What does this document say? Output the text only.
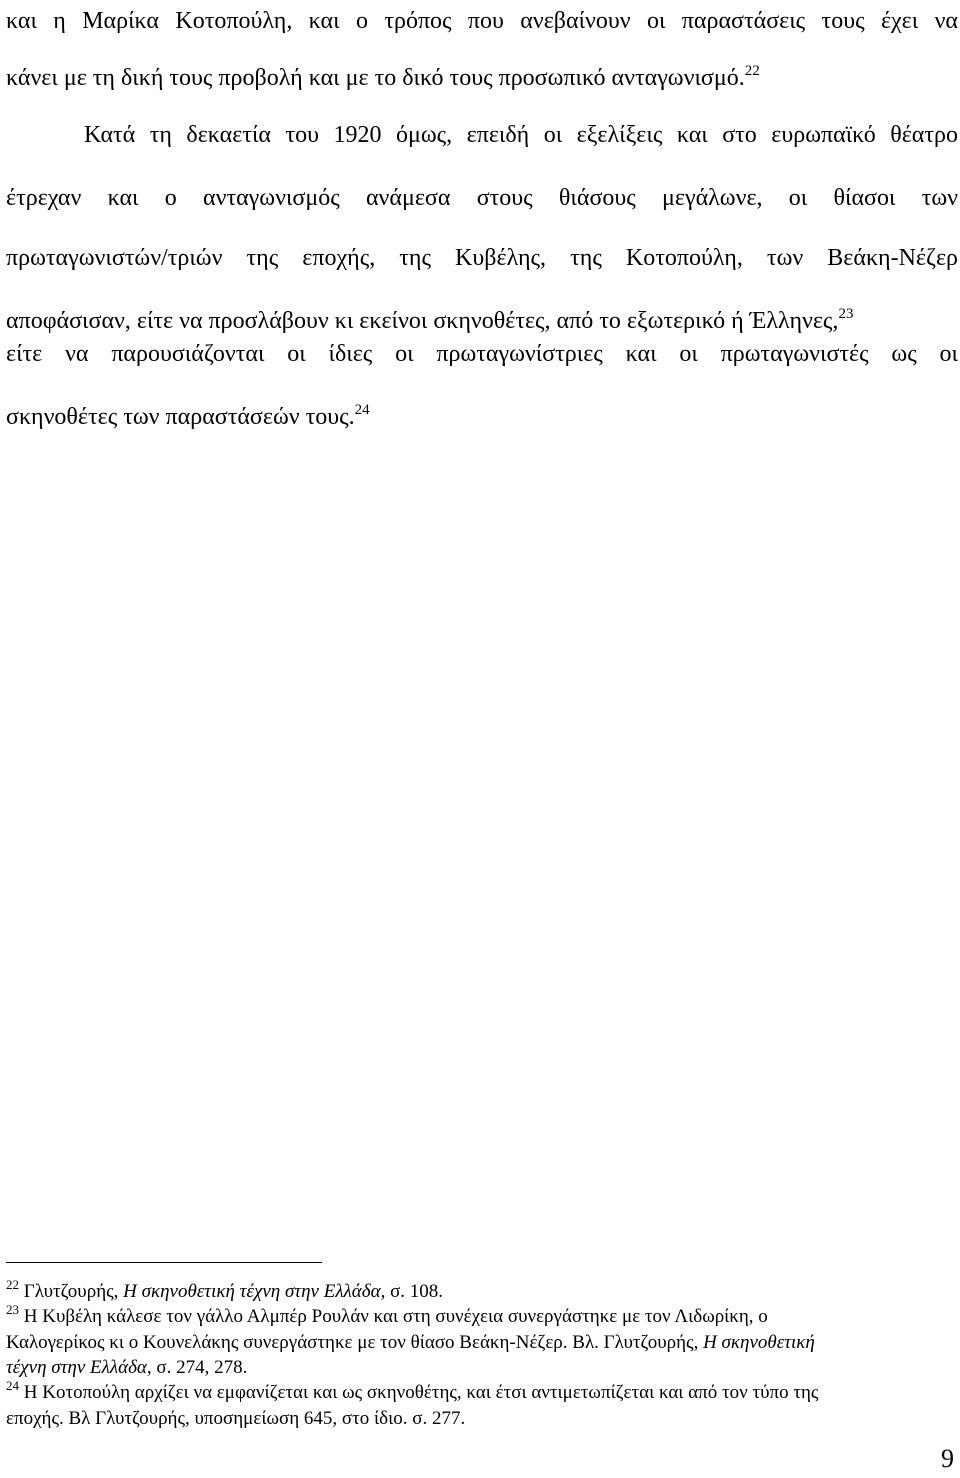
και η Μαρίκα Κοτοπούλη, και ο τρόπος που ανεβαίνουν οι παραστάσεις τους έχει να
κάνει με τη δική τους προβολή και με το δικό τους προσωπικό ανταγωνισμό.$^{22}$
Κατά τη δεκαετία του 1920 όμως, επειδή οι εξελίξεις και στο ευρωπαϊκό θέατρο
έτρεχαν και ο ανταγωνισμός ανάμεσα στους θιάσους μεγάλωνε, οι θίασοι των
πρωταγωνιστών/τριών της εποχής, της Κυβέλης, της Κοτοπούλη, των Βεάκη-Νέζερ
αποφάσισαν, είτε να προσλάβουν κι εκείνοι σκηνοθέτες, από το εξωτερικό ή Έλληνες,$^{23}$
είτε να παρουσιάζονται οι ίδιες οι πρωταγωνίστριες και οι πρωταγωνιστές ως οι
σκηνοθέτες των παραστάσεών τους.$^{24}$
$^{22}$ Γλυτζουρής, Η σκηνοθετική τέχνη στην Ελλάδα, σ. 108.
$^{23}$ Η Κυβέλη κάλεσε τον γάλλο Αλμπέρ Ρουλάν και στη συνέχεια συνεργάστηκε με τον Λιδωρίκη, ο
Καλογερίκος κι ο Κουνελάκης συνεργάστηκε με τον θίασο Βεάκη-Νέζερ. Βλ. Γλυτζουρής, Η σκηνοθετική
τέχνη στην Ελλάδα, σ. 274, 278.
$^{24}$ Η Κοτοπούλη αρχίζει να εμφανίζεται και ως σκηνοθέτης, και έτσι αντιμετωπίζεται και από τον τύπο της
εποχής. Βλ Γλυτζουρής, υποσημείωση 645, στο ίδιο. σ. 277.
9
